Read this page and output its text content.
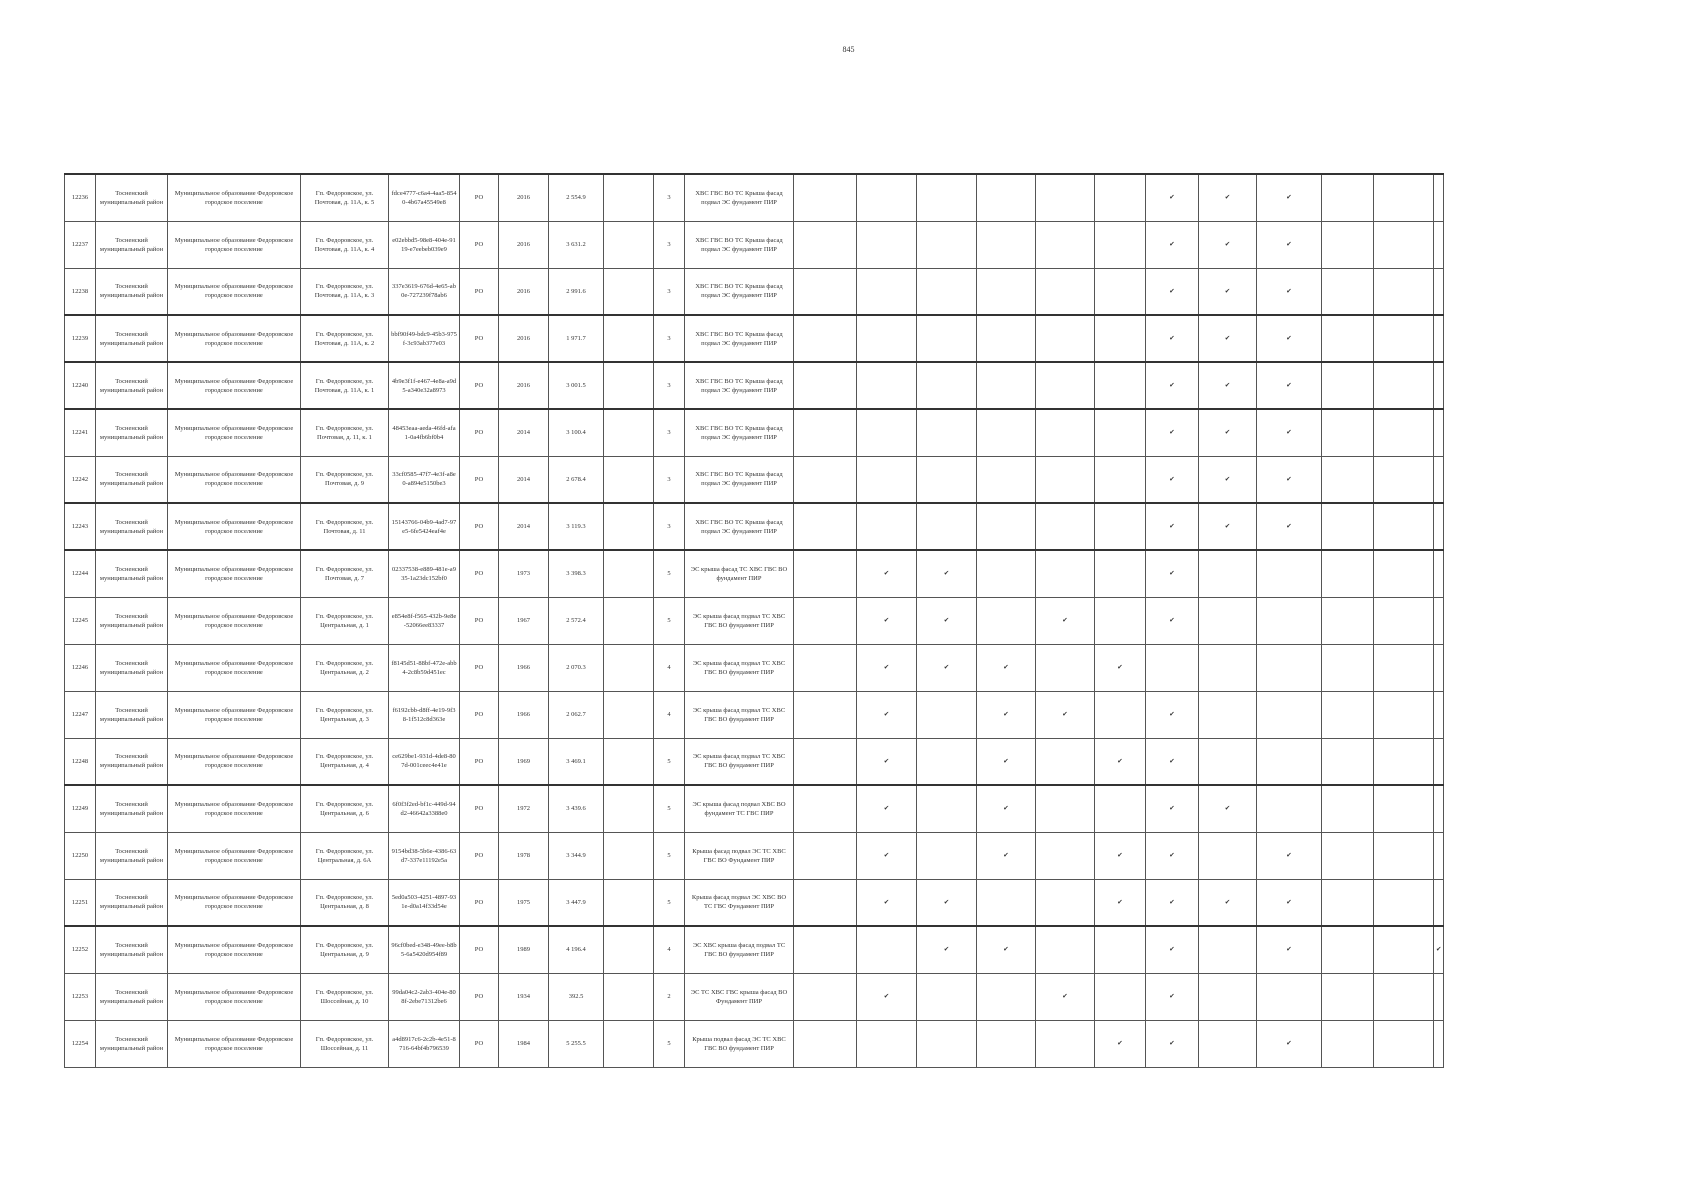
845
12236	Тосненский муниципальный район	Муниципальное образование Федоровское городское поселение	Гп. Федоровское, ул. Почтовая, д. 11А, к. 5	fdce4777-c6a4-4aa5-8540-4b67a45549e8	РО	2016	2 554.9		3	ХВС ГВС ВО ТС Крыша фасад подвал ЭС фундамент ПИР							✔	✔	✔			
12237	Тосненский муниципальный район	Муниципальное образование Федоровское городское поселение	Гп. Федоровское, ул. Почтовая, д. 11А, к. 4	e02ebbd5-98e8-404e-9119-e7eebeb039e9	РО	2016	3 631.2		3	ХВС ГВС ВО ТС Крыша фасад подвал ЭС фундамент ПИР							✔	✔	✔			
12238	Тосненский муниципальный район	Муниципальное образование Федоровское городское поселение	Гп. Федоровское, ул. Почтовая, д. 11А, к. 3	337e3619-676d-4e65-ab0e-727239f78ab6	РО	2016	2 991.6		3	ХВС ГВС ВО ТС Крыша фасад подвал ЭС фундамент ПИР							✔	✔	✔			
12239	Тосненский муниципальный район	Муниципальное образование Федоровское городское поселение	Гп. Федоровское, ул. Почтовая, д. 11А, к. 2	bbf90f49-bdc9-45b3-975f-3c93ab377e03	РО	2016	1 971.7		3	ХВС ГВС ВО ТС Крыша фасад подвал ЭС фундамент ПИР							✔	✔	✔			
12240	Тосненский муниципальный район	Муниципальное образование Федоровское городское поселение	Гп. Федоровское, ул. Почтовая, д. 11А, к. 1	4b9e3f1f-e467-4e8a-a9d5-a340e32a8973	РО	2016	3 001.5		3	ХВС ГВС ВО ТС Крыша фасад подвал ЭС фундамент ПИР							✔	✔	✔			
12241	Тосненский муниципальный район	Муниципальное образование Федоровское городское поселение	Гп. Федоровское, ул. Почтовая, д. 11, к. 1	48453eaa-aeda-46fd-afa1-0a4fb6bf0b4	РО	2014	3 100.4		3	ХВС ГВС ВО ТС Крыша фасад подвал ЭС фундамент ПИР							✔	✔	✔			
12242	Тосненский муниципальный район	Муниципальное образование Федоровское городское поселение	Гп. Федоровское, ул. Почтовая, д. 9	33cf0585-47f7-4e3f-a8e0-a894e5150be3	РО	2014	2 678.4		3	ХВС ГВС ВО ТС Крыша фасад подвал ЭС фундамент ПИР							✔	✔	✔			
12243	Тосненский муниципальный район	Муниципальное образование Федоровское городское поселение	Гп. Федоровское, ул. Почтовая, д. 11	15143766-04b9-4ad7-97e5-6fe5424eaf4e	РО	2014	3 119.3		3	ХВС ГВС ВО ТС Крыша фасад подвал ЭС фундамент ПИР							✔	✔	✔			
12244	Тосненский муниципальный район	Муниципальное образование Федоровское городское поселение	Гп. Федоровское, ул. Почтовая, д. 7	02337538-e889-481e-a935-1a23dc152bf0	РО	1973	3 398.3		5	ЭС крыша фасад ТС ХВС ГВС ВО фундамент ПИР		✔	✔				✔					
12245	Тосненский муниципальный район	Муниципальное образование Федоровское городское поселение	Гп. Федоровское, ул. Центральная, д. 1	e854e8f-f565-432b-9e8e-52066ee83337	РО	1967	2 572.4		5	ЭС крыша фасад подвал ТС ХВС ГВС ВО фундамент ПИР		✔	✔		✔		✔					
12246	Тосненский муниципальный район	Муниципальное образование Федоровское городское поселение	Гп. Федоровское, ул. Центральная, д. 2	f8145d51-88bf-472e-abb4-2c8b59d451ec	РО	1966	2 070.3		4	ЭС крыша фасад подвал ТС ХВС ГВС ВО фундамент ПИР		✔	✔	✔		✔						
12247	Тосненский муниципальный район	Муниципальное образование Федоровское городское поселение	Гп. Федоровское, ул. Центральная, д. 3	f6192cbb-d8ff-4e19-9f38-1f512c8d363e	РО	1966	2 062.7		4	ЭС крыша фасад подвал ТС ХВС ГВС ВО фундамент ПИР		✔		✔	✔		✔					
12248	Тосненский муниципальный район	Муниципальное образование Федоровское городское поселение	Гп. Федоровское, ул. Центральная, д. 4	ce629be1-931d-4de8-807d-001ceec4e41e	РО	1969	3 469.1		5	ЭС крыша фасад подвал ТС ХВС ГВС ВО фундамент ПИР		✔		✔		✔	✔					
12249	Тосненский муниципальный район	Муниципальное образование Федоровское городское поселение	Гп. Федоровское, ул. Центральная, д. 6	6f0f3f2ed-bf1c-449d-94d2-46642a3388e0	РО	1972	3 439.6		5	ЭС крыша фасад подвал ХВС ВО фундамент ТС ГВС ПИР		✔		✔			✔	✔				
12250	Тосненский муниципальный район	Муниципальное образование Федоровское городское поселение	Гп. Федоровское, ул. Центральная, д. 6А	9154bd38-5b6e-4386-63d7-337e11192e5a	РО	1978	3 344.9		5	Крыша фасад подвал ЭС ТС ХВС ГВС ВО Фундамент ПИР		✔		✔		✔	✔		✔			
12251	Тосненский муниципальный район	Муниципальное образование Федоровское городское поселение	Гп. Федоровское, ул. Центральная, д. 8	5ed0a503-4251-4897-931e-d0a14f33d54e	РО	1975	3 447.9		5	Крыша фасад подвал ЭС ХВС ВО ТС ГВС Фундамент ПИР		✔	✔			✔	✔	✔	✔			
12252	Тосненский муниципальный район	Муниципальное образование Федоровское городское поселение	Гп. Федоровское, ул. Центральная, д. 9	96cf0bed-e348-49ee-b8b5-6a5420d954f89	РО	1989	4 196.4		4	ЭС ХВС крыша фасад подвал ТС ГВС ВО фундамент ПИР			✔	✔			✔		✔			✔
12253	Тосненский муниципальный район	Муниципальное образование Федоровское городское поселение	Гп. Федоровское, ул. Шоссейная, д. 10	99da04c2-2ab3-404e-808f-2ebe71312be6	РО	1934	392.5		2	ЭС ТС ХВС ГВС крыша фасад ВО Фундамент ПИР		✔			✔		✔					
12254	Тосненский муниципальный район	Муниципальное образование Федоровское городское поселение	Гп. Федоровское, ул. Шоссейная, д. 11	a4d8917c6-2c2b-4e51-8716-64bf4b796539	РО	1984	5 255.5		5	Крыша подвал фасад ЭС ТС ХВС ГВС ВО фундамент ПИР						✔	✔		✔			
